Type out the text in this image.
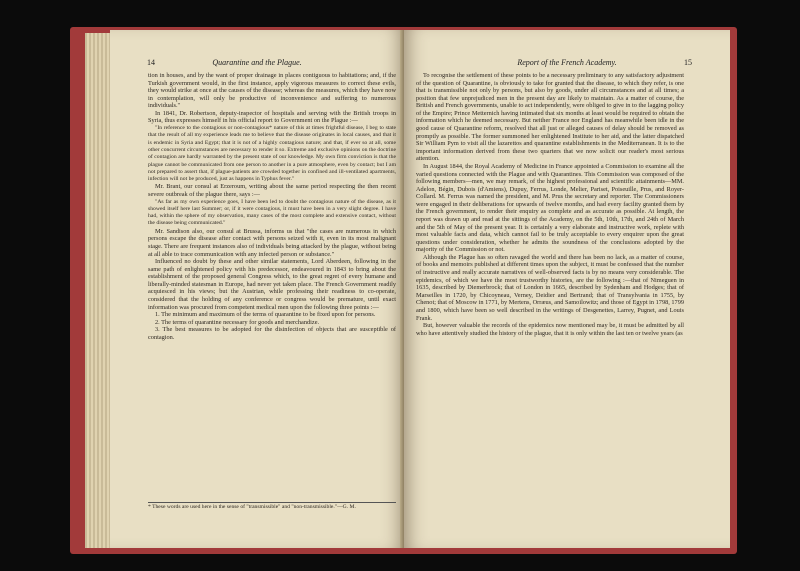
14	Quarantine and the Plague.

tion in houses, and by the want of proper drainage in places contiguous to habitations; and, if the Turkish government would, in the first instance, apply vigorous measures to correct these evils, they would strike at once at the causes of the disease; whereas the measures, which they have now in contemplation, will only be productive of inconvenience and suffering to numerous individuals."

In 1841, Dr. Robertson, deputy-inspector of hospitals and serving with the British troops in Syria, thus expresses himself in his official report to Government on the Plague :—

"In reference to the contagious or non-contagious* nature of this at times frightful disease, I beg to state that the result of all my experience leads me to believe that the disease originates in local causes, and that it is endemic in Syria and Egypt; that it is not of a highly contagious nature; and that, if ever so at all, some other concurrent circumstances are necessary to render it so. Extreme and exclusive opinions on the doctrine of contagion are hardly warranted by the present state of our knowledge. My own firm conviction is that the plague cannot be communicated from one person to another in a pure atmosphere, even by contact; but I am not prepared to assert that, if plague-patients are crowded together in confined and ill-ventilated apartments, infection will not be produced, just as happens in Typhus fever."

Mr. Brant, our consul at Erzeroum, writing about the same period respecting the then recent severe outbreak of the plague there, says :—

"As far as my own experience goes, I have been led to doubt the contagious nature of the disease, as it showed itself here last Summer; or, if it were contagious, it must have been in a very slight degree. I have had, within the sphere of my observation, many cases of the most complete and extensive contact, without the disease being communicated."

Mr. Sandison also, our consul at Brussa, informs us that "the cases are numerous in which persons escape the disease after contact with persons seized with it, even in its most malignant stage. There are frequent instances also of individuals being attacked by the plague, without being at all able to trace communication with any infected person or substance."

Influenced no doubt by these and other similar statements, Lord Aberdeen, following in the same path of enlightened policy with his predecessor, endeavoured in 1843 to bring about the establishment of the proposed general Congress which, to the great regret of every humane and liberally-minded statesman in Europe, had never yet taken place. The French Government readily acquiesced in his views; but the Austrian, while professing their readiness to co-operate, considered that the holding of any conference or congress would be premature, until exact information was procured from competent medical men upon the following three points :—

1. The minimum and maximum of the terms of quarantine to be fixed upon for persons.

2. The terms of quarantine necessary for goods and merchandize.

3. The best measures to be adopted for the disinfection of objects that are susceptible of contagion.

* These words are used here in the sense of "transmissible" and "non-transmissible."—G. M.
Report of the French Academy.	15

To recognise the settlement of these points to be a necessary preliminary to any satisfactory adjustment of the question of Quarantine, is obviously to take for granted that the disease, to which they refer, is one that is transmissible not only by persons, but also by goods, under all circumstances and at all times; a position that few unprejudiced men in the present day are likely to maintain. As a matter of course, the British and French governments, unable to act independently, were obliged to give in to the lagging policy of the Empire; Prince Metternich having intimated that six months at least would be required to obtain the information which he deemed necessary. But neither France nor England has meanwhile been idle in the good cause of Quarantine reform, resolved that all just or alleged causes of delay should be removed as promptly as possible. The former summoned her enlightened Institute to her aid, and the latter dispatched Sir William Pym to visit all the lazarettos and quarantine establishments in the Mediterranean. It is to the important information derived from these two quarters that we now solicit our reader's most serious attention.

In August 1844, the Royal Academy of Medicine in France appointed a Commission to examine all the varied questions connected with the Plague and with Quarantines. This Commission was composed of the following members—men, we may remark, of the highest professional and scientific attainments—MM. Adelon, Bégin, Dubois (d'Amiens), Dupuy, Ferrus, Londe, Melier, Pariset, Poiseuille, Prus, and Royer-Collard. M. Ferrus was named the president, and M. Prus the secretary and reporter. The Commissioners were engaged in their deliberations for upwards of twelve months, and had every facility granted them by the French government, to render their enquiry as complete and as accurate as possible. At length, the report was drawn up and read at the sittings of the Academy, on the 5th, 10th, 17th, and 24th of March and the 5th of May of the present year. It is certainly a very elaborate and instructive work, replete with most valuable facts and data, which cannot fail to be truly acceptable to every enquirer upon the great questions under consideration, whether he admits the soundness of the conclusions adopted by the majority of the Commission or not.

Although the Plague has so often ravaged the world and there has been no lack, as a matter of course, of books and memoirs published at different times upon the subject, it must be confessed that the number of instructive and really accurate narratives of well-observed facts is by no means very considerable. The epidemics, of which we have the most trustworthy histories, are the following :—that of Nimeguen in 1635, described by Diemerbrock; that of London in 1665, described by Sydenham and Hodges; that of Marseilles in 1720, by Chicoyneau, Verney, Deidier and Bertrand; that of Transylvania in 1755, by Chenot; that of Moscow in 1771, by Mertens, Orræus, and Samoilowitz; and those of Egypt in 1798, 1799 and 1800, which have been so well described in the writings of Desgenettes, Larrey, Pugnet, and Louis Frank.

But, however valuable the records of the epidemics now mentioned may be, it must be admitted by all who have attentively studied the history of the plague, that it is only within the last ten or twelve years (as
